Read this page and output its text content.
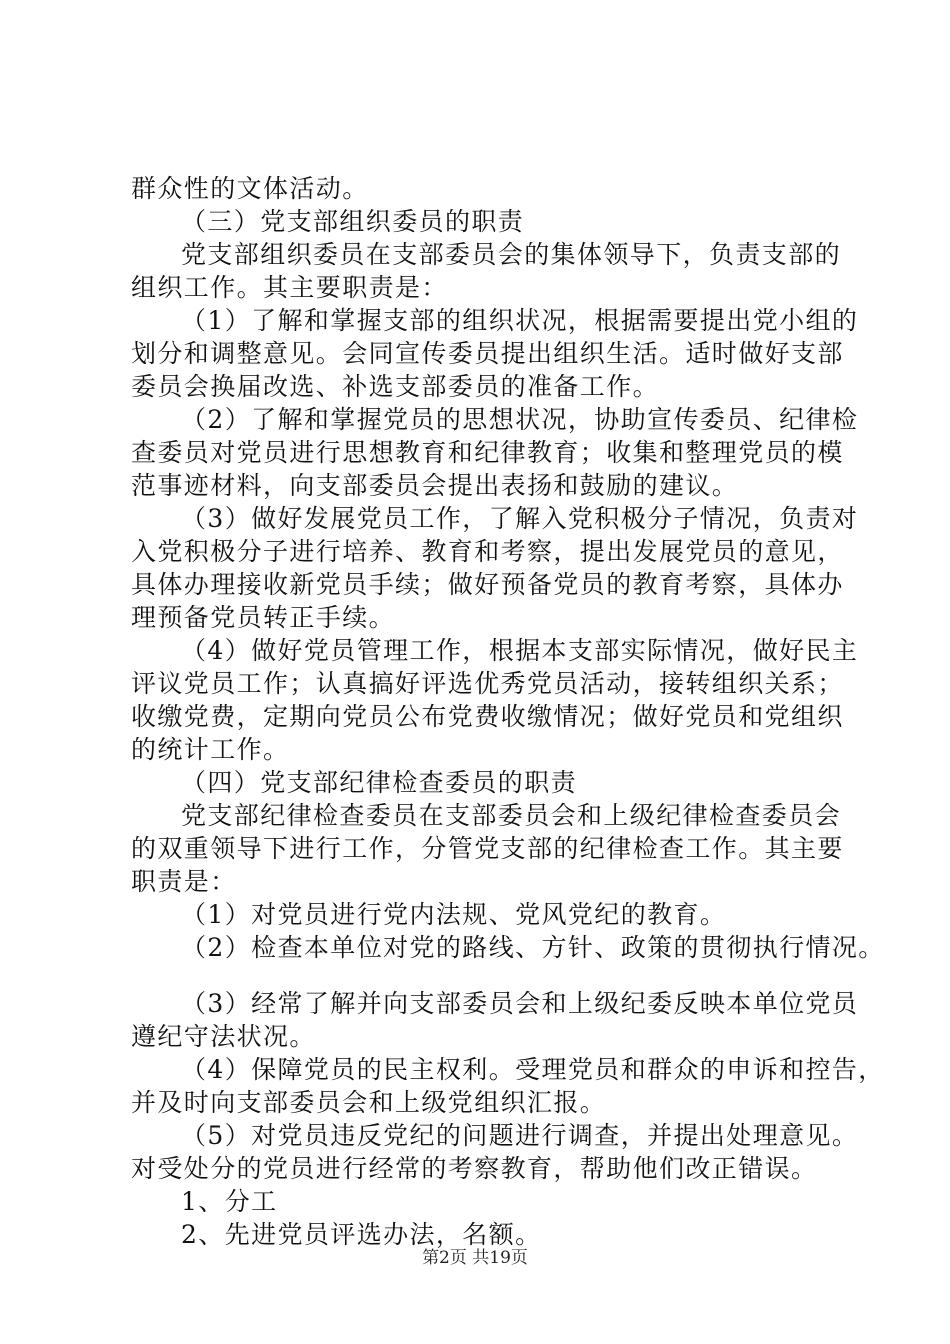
群众性的文体活动。
（三）党支部组织委员的职责
党支部组织委员在支部委员会的集体领导下，负责支部的
组织工作。其主要职责是：
（1）了解和掌握支部的组织状况，根据需要提出党小组的
划分和调整意见。会同宣传委员提出组织生活。适时做好支部
委员会换届改选、补选支部委员的准备工作。
（2）了解和掌握党员的思想状况，协助宣传委员、纪律检
查委员对党员进行思想教育和纪律教育；收集和整理党员的模
范事迹材料，向支部委员会提出表扬和鼓励的建议。
（3）做好发展党员工作，了解入党积极分子情况，负责对
入党积极分子进行培养、教育和考察，提出发展党员的意见，
具体办理接收新党员手续；做好预备党员的教育考察，具体办
理预备党员转正手续。
（4）做好党员管理工作，根据本支部实际情况，做好民主
评议党员工作；认真搞好评选优秀党员活动，接转组织关系；
收缴党费，定期向党员公布党费收缴情况；做好党员和党组织
的统计工作。
（四）党支部纪律检查委员的职责
党支部纪律检查委员在支部委员会和上级纪律检查委员会
的双重领导下进行工作，分管党支部的纪律检查工作。其主要
职责是：
（1）对党员进行党内法规、党风党纪的教育。
（2）检查本单位对党的路线、方针、政策的贯彻执行情况。
（3）经常了解并向支部委员会和上级纪委反映本单位党员
遵纪守法状况。
（4）保障党员的民主权利。受理党员和群众的申诉和控告，
并及时向支部委员会和上级党组织汇报。
（5）对党员违反党纪的问题进行调查，并提出处理意见。
对受处分的党员进行经常的考察教育，帮助他们改正错误。
1、分工
2、先进党员评选办法，名额。
第2页 共19页
